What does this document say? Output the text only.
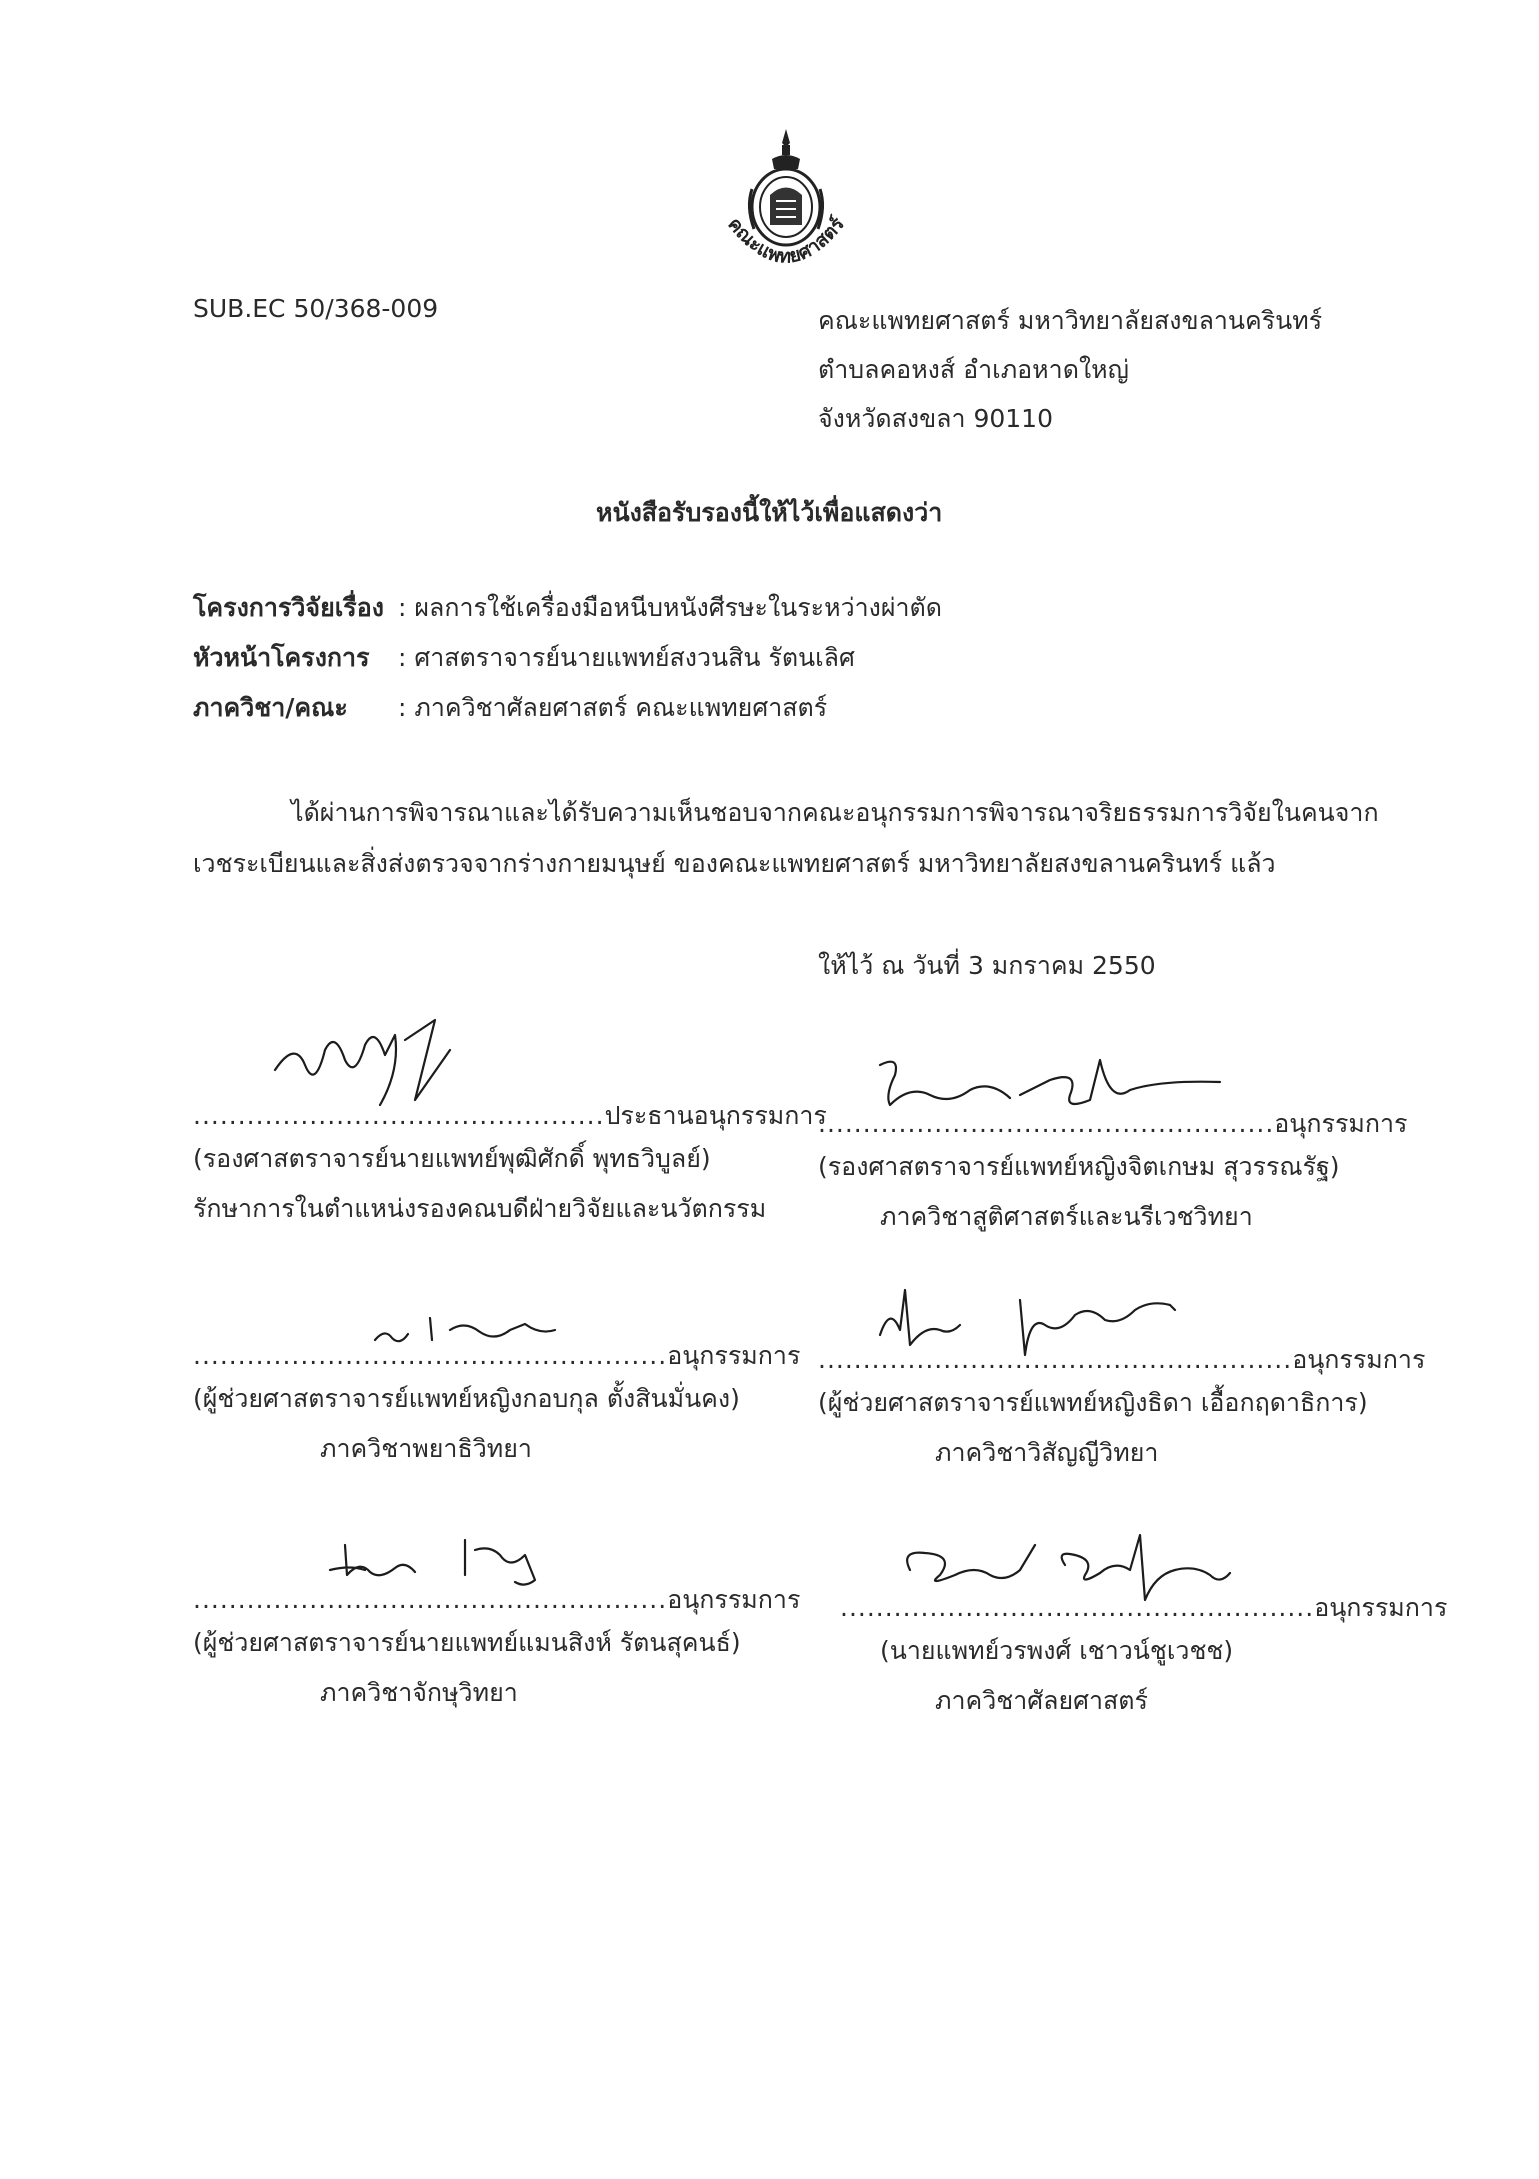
คณะแพทยศาสตร์
SUB.EC 50/368-009	คณะแพทยศาสตร์ มหาวิทยาลัยสงขลานครินทร์
ตำบลคอหงส์ อำเภอหาดใหญ่
จังหวัดสงขลา 90110
หนังสือรับรองนี้ให้ไว้เพื่อแสดงว่า
โครงการวิจัยเรื่อง : ผลการใช้เครื่องมือหนีบหนังศีรษะในระหว่างผ่าตัด
หัวหน้าโครงการ : ศาสตราจารย์นายแพทย์สงวนสิน รัตนเลิศ
ภาควิชา/คณะ : ภาควิชาศัลยศาสตร์ คณะแพทยศาสตร์
ได้ผ่านการพิจารณาและได้รับความเห็นชอบจากคณะอนุกรรมการพิจารณาจริยธรรมการวิจัยในคนจาก
เวชระเบียนและสิ่งส่งตรวจจากร่างกายมนุษย์ ของคณะแพทยศาสตร์ มหาวิทยาลัยสงขลานครินทร์ แล้ว
ให้ไว้ ณ วันที่ 3 มกราคม 2550
..............................................ประธานอนุกรรมการ
(รองศาสตราจารย์นายแพทย์พุฒิศักดิ์ พุทธวิบูลย์)
รักษาการในตำแหน่งรองคณบดีฝ่ายวิจัยและนวัตกรรม
...................................................อนุกรรมการ
(รองศาสตราจารย์แพทย์หญิงจิตเกษม สุวรรณรัฐ)
ภาควิชาสูติศาสตร์และนรีเวชวิทยา
.....................................................อนุกรรมการ
(ผู้ช่วยศาสตราจารย์แพทย์หญิงกอบกุล ตั้งสินมั่นคง)
ภาควิชาพยาธิวิทยา
.....................................................อนุกรรมการ
(ผู้ช่วยศาสตราจารย์แพทย์หญิงธิดา เอื้อกฤดาธิการ)
ภาควิชาวิสัญญีวิทยา
.....................................................อนุกรรมการ
(ผู้ช่วยศาสตราจารย์นายแพทย์แมนสิงห์ รัตนสุคนธ์)
ภาควิชาจักษุวิทยา
.....................................................อนุกรรมการ
(นายแพทย์วรพงศ์ เชาวน์ชูเวชช)
ภาควิชาศัลยศาสตร์
